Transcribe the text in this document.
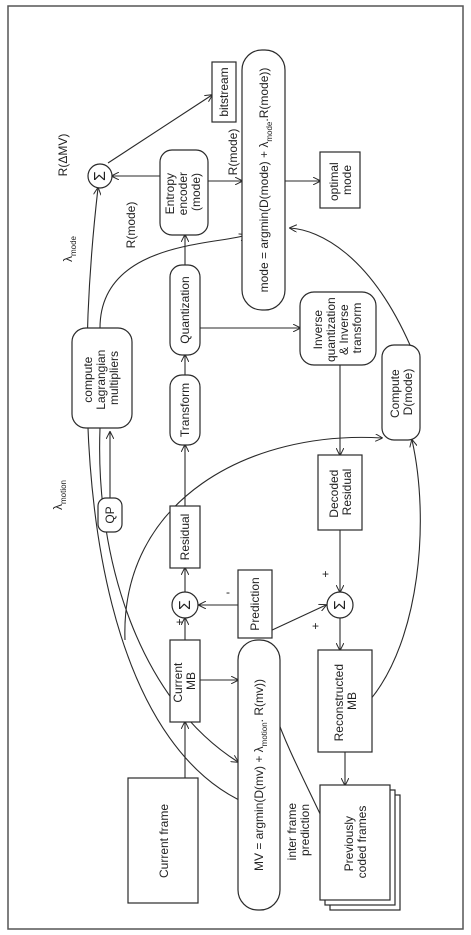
Current frame
Current MB
Σ
+
-
Residual
Transform
Quantization
Entropy encoder (mode)
Σ
bitstream
mode = argmin(D(mode) + $\lambda_{mode}.R(mode)$)
optimal mode
compute Lagrangian multipliers
QP
Prediction
Inverse quantization & Inverse transform
Decoded Residual
Σ
+
+
Reconstructed MB
Compute D(mode)
Previously coded frames
MV = $argmin(D(mv) + \lambda_{motion}$. R(mv))
R(ΔMV)
R(mode)
R(mode)
$\lambda_{mode}$
$\lambda_{motion}$
inter frame prediction
